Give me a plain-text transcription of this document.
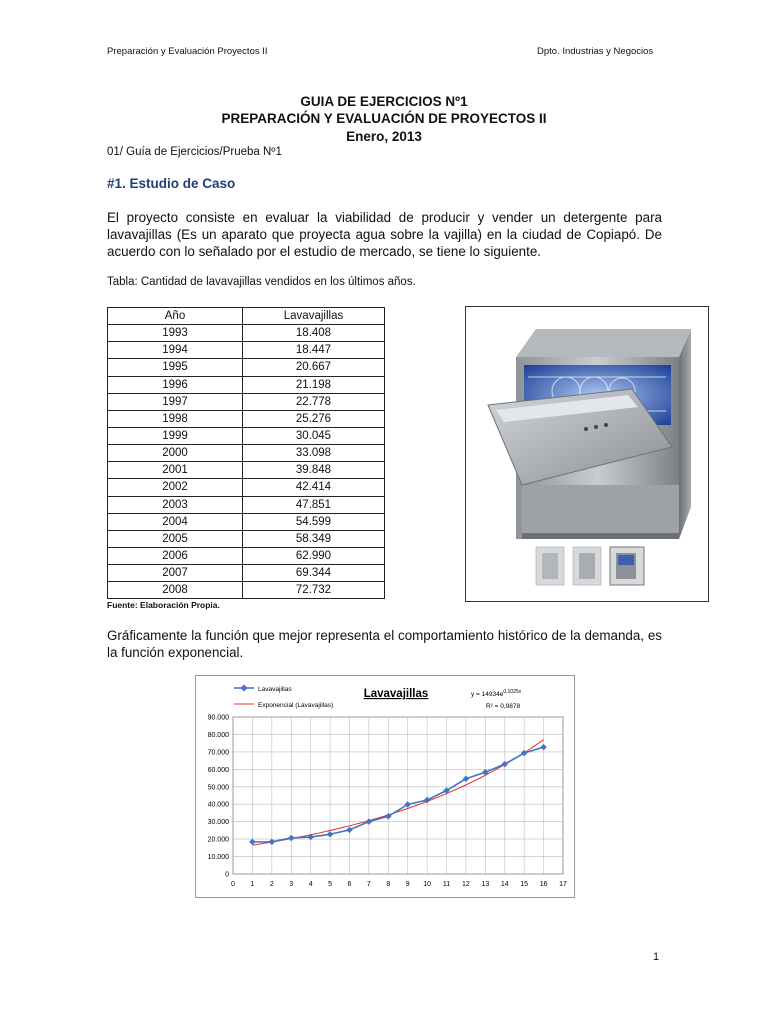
Preparación y Evaluación Proyectos II	Dpto. Industrias y Negocios
GUIA DE EJERCICIOS Nº1
PREPARACIÓN Y EVALUACIÓN DE PROYECTOS II
Enero, 2013
01/ Guía de Ejercicios/Prueba Nº1
#1. Estudio de Caso
El proyecto consiste en evaluar la viabilidad de producir y vender un detergente para lavavajillas (Es un aparato que proyecta agua sobre la vajilla) en la ciudad de Copiapó. De acuerdo con lo señalado por el estudio de mercado, se tiene lo siguiente.
Tabla: Cantidad de lavavajillas vendidos en los últimos años.
Año	Lavavajillas
1993	18.408
1994	18.447
1995	20.667
1996	21.198
1997	22.778
1998	25.276
1999	30.045
2000	33.098
2001	39.848
2002	42.414
2003	47.851
2004	54.599
2005	58.349
2006	62.990
2007	69.344
2008	72.732
Fuente: Elaboración Propia.
Gráficamente la función que mejor representa el comportamiento histórico de la demanda, es la función exponencial.
Lavavajillas
Lavavajillas
Exponencial (Lavavajillas)
$y = 14934e^{0,1025x}$
R² = 0,9878
0
10.000
20.000
30.000
40.000
50.000
60.000
70.000
80.000
90.000
0 1 2 3 4 5 6 7 8 9 10 11 12 13 14 15 16 17
1
